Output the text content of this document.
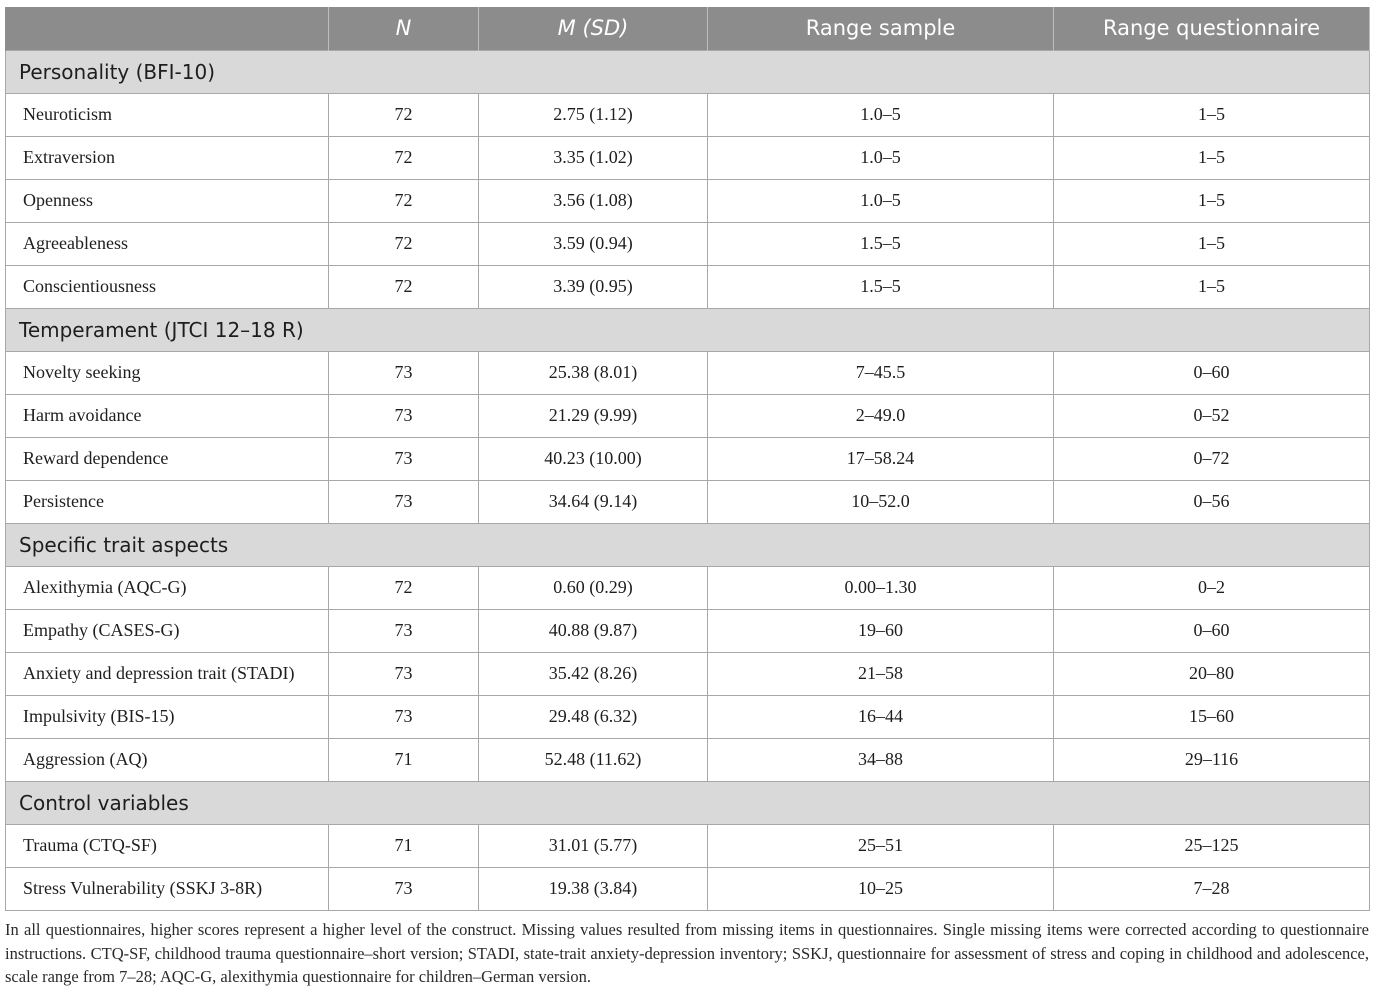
	N	M (SD)	Range sample	Range questionnaire
Personality (BFI-10)				
Neuroticism	72	2.75 (1.12)	1.0–5	1–5
Extraversion	72	3.35 (1.02)	1.0–5	1–5
Openness	72	3.56 (1.08)	1.0–5	1–5
Agreeableness	72	3.59 (0.94)	1.5–5	1–5
Conscientiousness	72	3.39 (0.95)	1.5–5	1–5
Temperament (JTCI 12–18 R)				
Novelty seeking	73	25.38 (8.01)	7–45.5	0–60
Harm avoidance	73	21.29 (9.99)	2–49.0	0–52
Reward dependence	73	40.23 (10.00)	17–58.24	0–72
Persistence	73	34.64 (9.14)	10–52.0	0–56
Specific trait aspects				
Alexithymia (AQC-G)	72	0.60 (0.29)	0.00–1.30	0–2
Empathy (CASES-G)	73	40.88 (9.87)	19–60	0–60
Anxiety and depression trait (STADI)	73	35.42 (8.26)	21–58	20–80
Impulsivity (BIS-15)	73	29.48 (6.32)	16–44	15–60
Aggression (AQ)	71	52.48 (11.62)	34–88	29–116
Control variables				
Trauma (CTQ-SF)	71	31.01 (5.77)	25–51	25–125
Stress Vulnerability (SSKJ 3-8R)	73	19.38 (3.84)	10–25	7–28
In all questionnaires, higher scores represent a higher level of the construct. Missing values resulted from missing items in questionnaires. Single missing items were corrected according to questionnaire instructions. CTQ-SF, childhood trauma questionnaire–short version; STADI, state-trait anxiety-depression inventory; SSKJ, questionnaire for assessment of stress and coping in childhood and adolescence, scale range from 7–28; AQC-G, alexithymia questionnaire for children–German version.
